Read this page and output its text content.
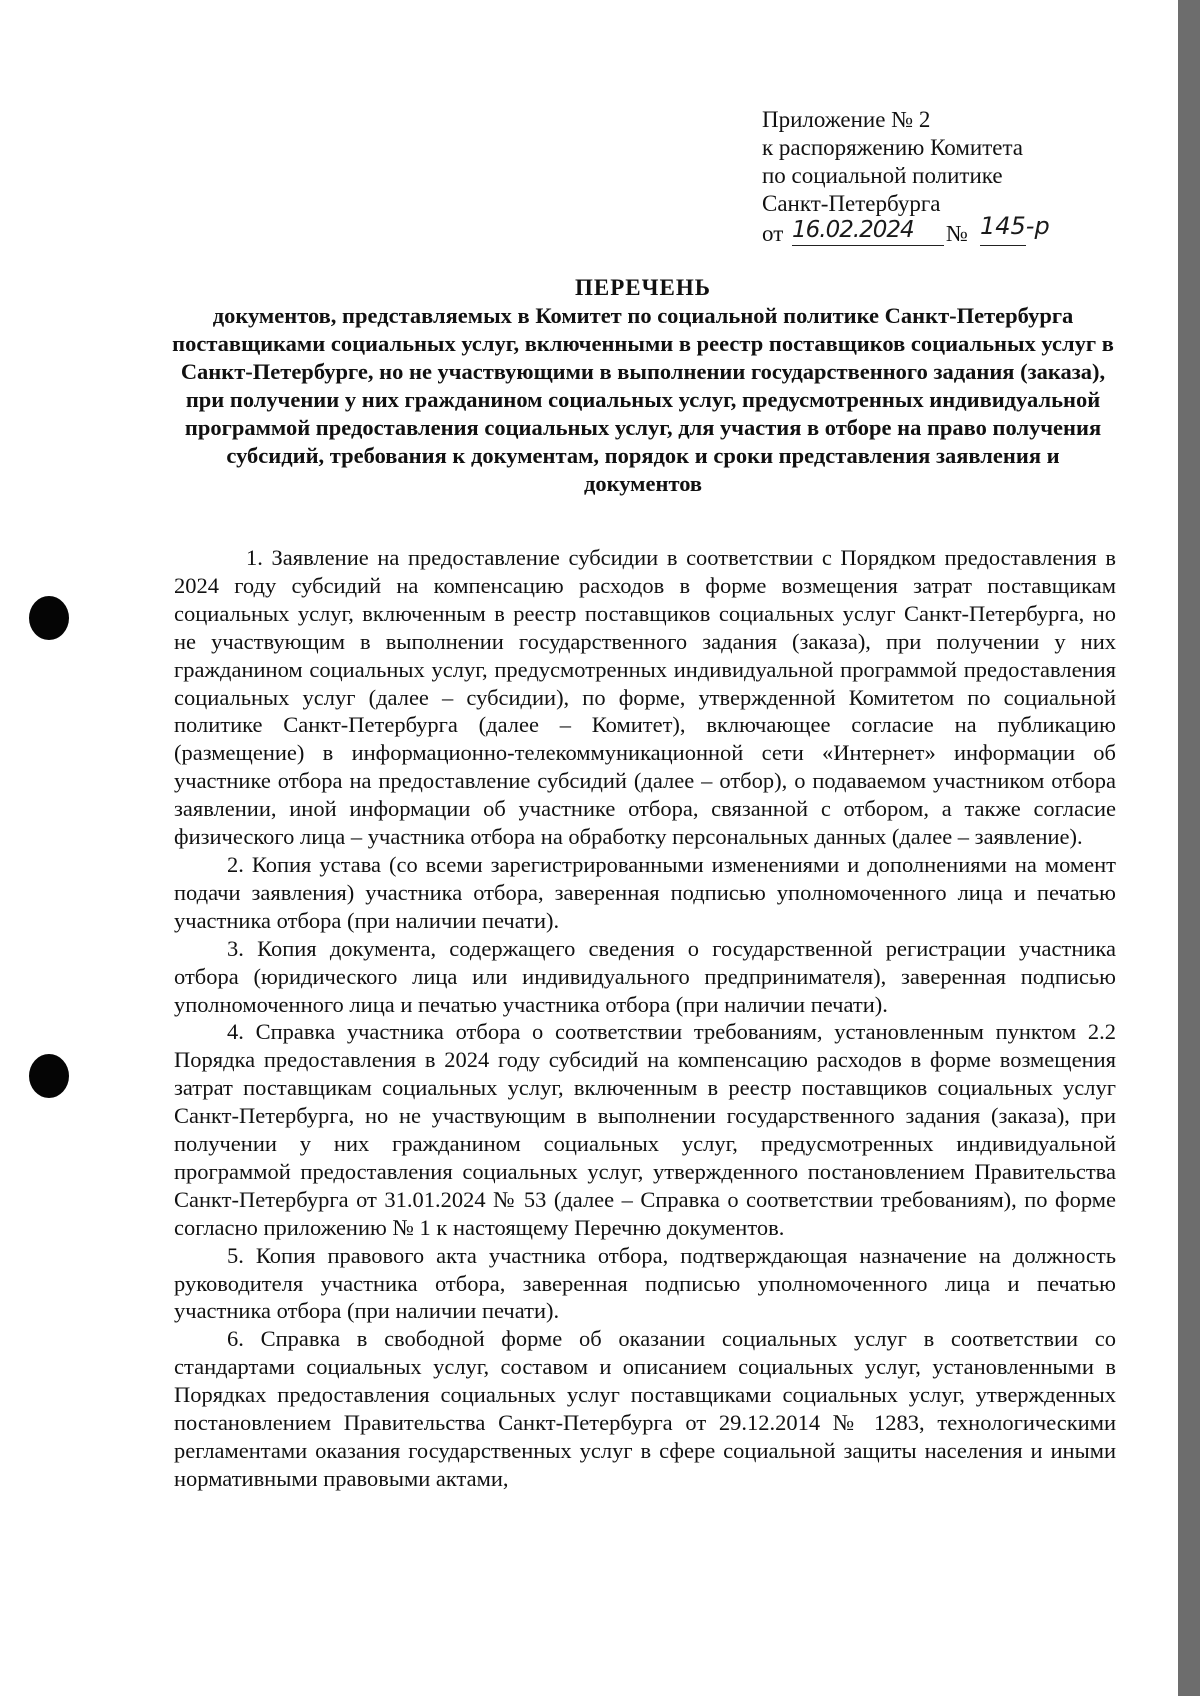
Приложение № 2
к распоряжению Комитета
по социальной политике
Санкт-Петербурга
от 16.02.2024 № 145-р
ПЕРЕЧЕНЬ
документов, представляемых в Комитет по социальной политике Санкт-Петербурга поставщиками социальных услуг, включенными в реестр поставщиков социальных услуг в Санкт-Петербурге, но не участвующими в выполнении государственного задания (заказа), при получении у них гражданином социальных услуг, предусмотренных индивидуальной программой предоставления социальных услуг, для участия в отборе на право получения субсидий, требования к документам, порядок и сроки представления заявления и документов

1. Заявление на предоставление субсидии в соответствии с Порядком предоставления в 2024 году субсидий на компенсацию расходов в форме возмещения затрат поставщикам социальных услуг, включенным в реестр поставщиков социальных услуг Санкт-Петербурга, но не участвующим в выполнении государственного задания (заказа), при получении у них гражданином социальных услуг, предусмотренных индивидуальной программой предоставления социальных услуг (далее – субсидии), по форме, утвержденной Комитетом по социальной политике Санкт-Петербурга (далее – Комитет), включающее согласие на публикацию (размещение) в информационно-телекоммуникационной сети «Интернет» информации об участнике отбора на предоставление субсидий (далее – отбор), о подаваемом участником отбора заявлении, иной информации об участнике отбора, связанной с отбором, а также согласие физического лица – участника отбора на обработку персональных данных (далее – заявление).

2. Копия устава (со всеми зарегистрированными изменениями и дополнениями на момент подачи заявления) участника отбора, заверенная подписью уполномоченного лица и печатью участника отбора (при наличии печати).

3. Копия документа, содержащего сведения о государственной регистрации участника отбора (юридического лица или индивидуального предпринимателя), заверенная подписью уполномоченного лица и печатью участника отбора (при наличии печати).

4. Справка участника отбора о соответствии требованиям, установленным пунктом 2.2 Порядка предоставления в 2024 году субсидий на компенсацию расходов в форме возмещения затрат поставщикам социальных услуг, включенным в реестр поставщиков социальных услуг Санкт-Петербурга, но не участвующим в выполнении государственного задания (заказа), при получении у них гражданином социальных услуг, предусмотренных индивидуальной программой предоставления социальных услуг, утвержденного постановлением Правительства Санкт-Петербурга от 31.01.2024 № 53 (далее – Справка о соответствии требованиям), по форме согласно приложению № 1 к настоящему Перечню документов.

5. Копия правового акта участника отбора, подтверждающая назначение на должность руководителя участника отбора, заверенная подписью уполномоченного лица и печатью участника отбора (при наличии печати).

6. Справка в свободной форме об оказании социальных услуг в соответствии со стандартами социальных услуг, составом и описанием социальных услуг, установленными в Порядках предоставления социальных услуг поставщиками социальных услуг, утвержденных постановлением Правительства Санкт-Петербурга от 29.12.2014 № 1283, технологическими регламентами оказания государственных услуг в сфере социальной защиты населения и иными нормативными правовыми актами,
